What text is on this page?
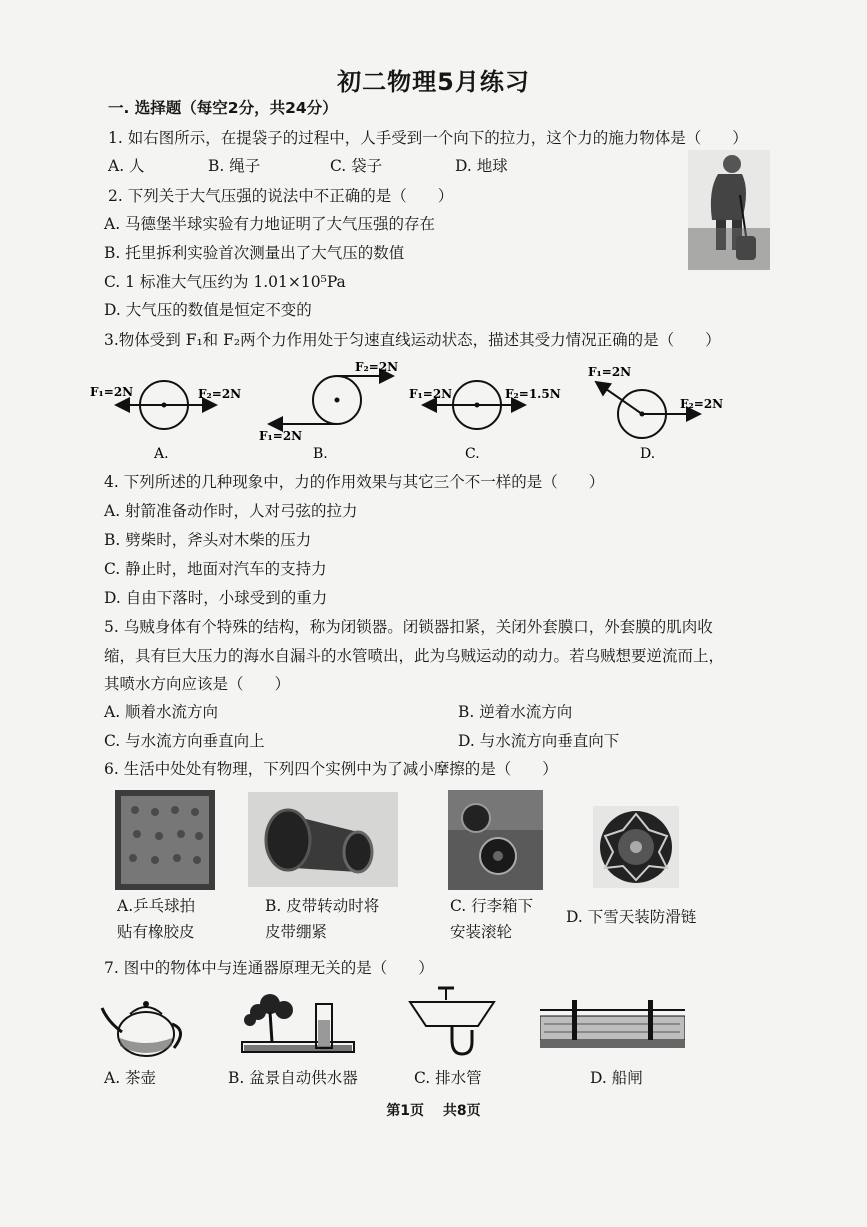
初二物理5月练习
一. 选择题（每空2分，共24分）
1. 如右图所示，在提袋子的过程中，人手受到一个向下的拉力，这个力的施力物体是（　　）
A. 人	B. 绳子	C. 袋子	D. 地球
2. 下列关于大气压强的说法中不正确的是（　　）
A. 马德堡半球实验有力地证明了大气压强的存在
B. 托里拆利实验首次测量出了大气压的数值
C. 1 标准大气压约为 1.01×10⁵Pa
D. 大气压的数值是恒定不变的
3.物体受到 F₁和 F₂两个力作用处于匀速直线运动状态，描述其受力情况正确的是（　　）
F₁=2N	F₂=2N
A.
F₂=2N
F₁=2N
B.
F₁=2N	F₂=1.5N
C.
F₁=2N
F₂=2N
D.
4. 下列所述的几种现象中，力的作用效果与其它三个不一样的是（　　）
A. 射箭准备动作时，人对弓弦的拉力
B. 劈柴时，斧头对木柴的压力
C. 静止时，地面对汽车的支持力
D. 自由下落时，小球受到的重力
5. 乌贼身体有个特殊的结构，称为闭锁器。闭锁器扣紧，关闭外套膜口，外套膜的肌肉收
缩，具有巨大压力的海水自漏斗的水管喷出，此为乌贼运动的动力。若乌贼想要逆流而上，
其喷水方向应该是（　　）
A. 顺着水流方向	B. 逆着水流方向
C. 与水流方向垂直向上	D. 与水流方向垂直向下
6. 生活中处处有物理，下列四个实例中为了减小摩擦的是（　　）
A.乒乓球拍
贴有橡胶皮
B. 皮带转动时将
皮带绷紧
C. 行李箱下
安装滚轮
D. 下雪天装防滑链
7. 图中的物体中与连通器原理无关的是（　　）
A. 茶壶	B. 盆景自动供水器	C. 排水管	D. 船闸
第1页　 共8页
